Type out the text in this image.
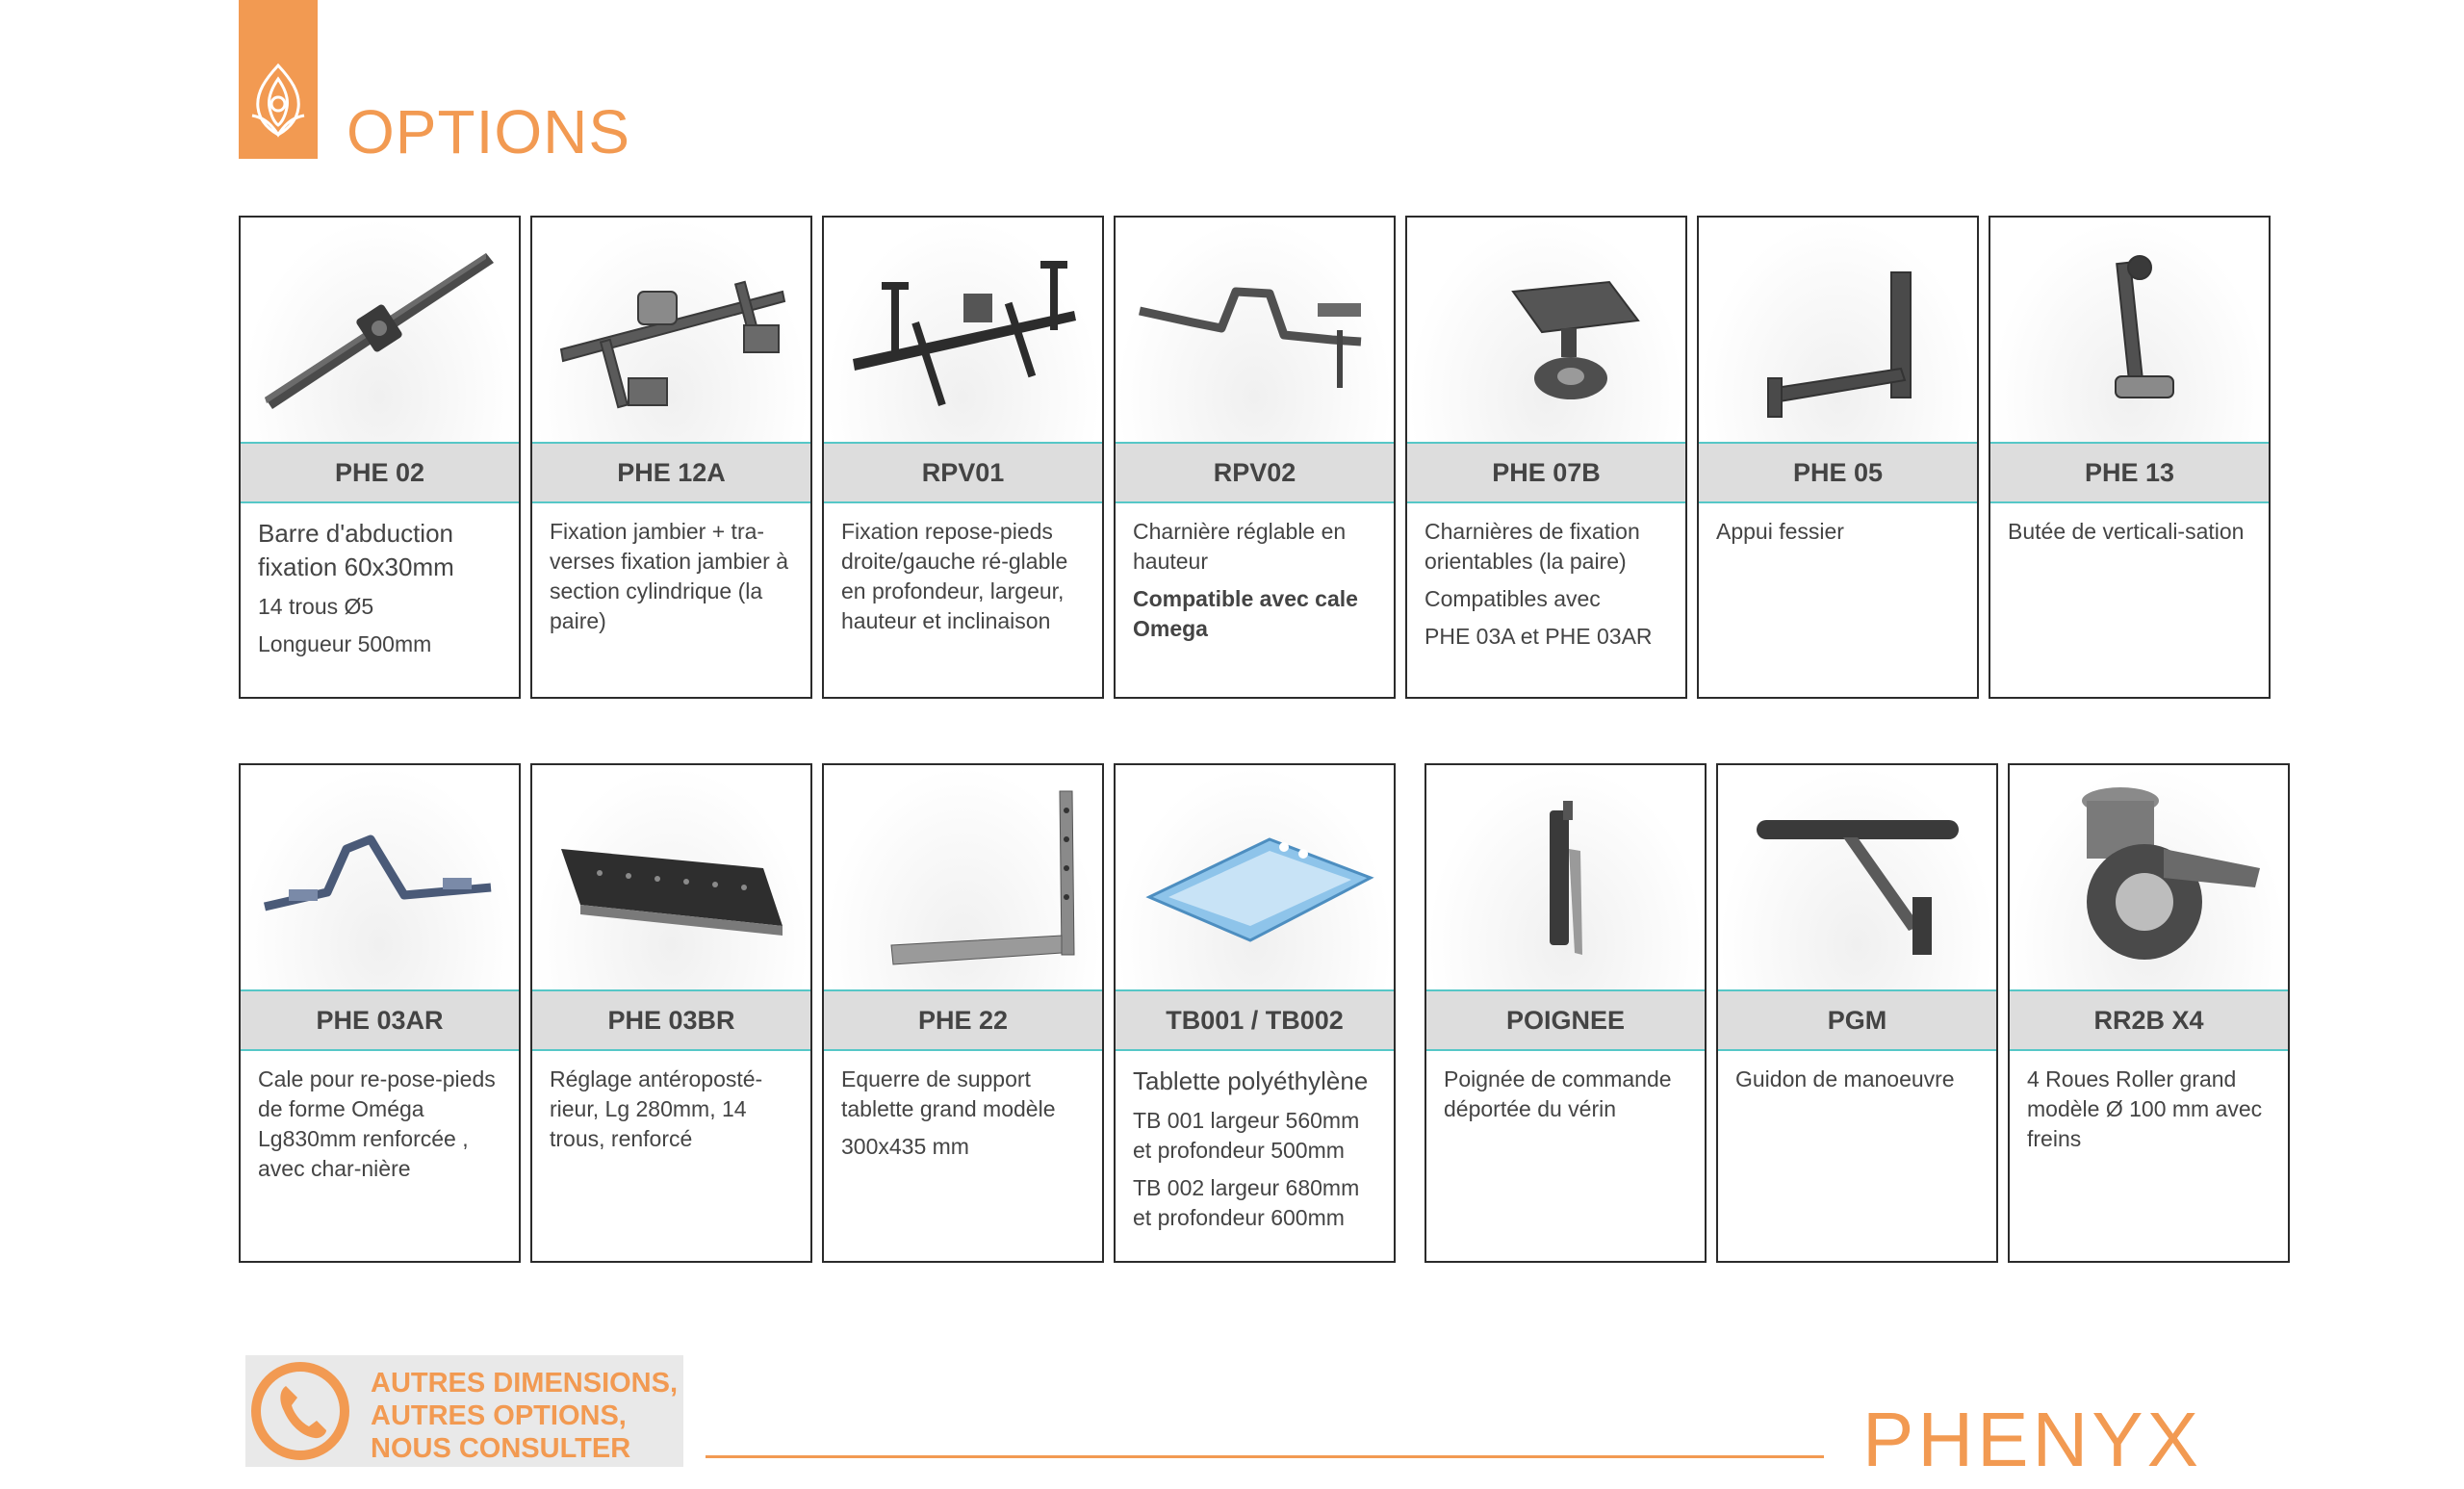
OPTIONS
PHE 02

Barre d'abduction fixation 60x30mm

14 trous Ø5

Longueur 500mm

PHE 12A

Fixation jambier + tra-verses fixation jambier à section cylindrique (la paire)

RPV01

Fixation repose-pieds droite/gauche ré-glable en profondeur, largeur, hauteur et inclinaison

RPV02

Charnière réglable en hauteur

Compatible avec cale Omega

PHE 07B

Charnières de fixation orientables (la paire)

Compatibles avec

PHE 03A et PHE 03AR

PHE 05

Appui fessier

PHE 13

Butée de verticali-sation

PHE 03AR

Cale pour re-pose-pieds de forme Oméga Lg830mm renforcée , avec char-nière

PHE 03BR

Réglage antéroposté-rieur, Lg 280mm, 14 trous, renforcé

PHE 22

Equerre de support tablette grand modèle

300x435 mm

TB001 / TB002

Tablette polyéthylène

TB 001 largeur 560mm et profondeur 500mm

TB 002 largeur 680mm et profondeur 600mm

POIGNEE

Poignée de commande déportée du vérin

PGM

Guidon de manoeuvre

RR2B X4

4 Roues Roller grand modèle Ø 100 mm avec freins

AUTRES DIMENSIONS,
AUTRES OPTIONS,
NOUS CONSULTER	PHENYX
